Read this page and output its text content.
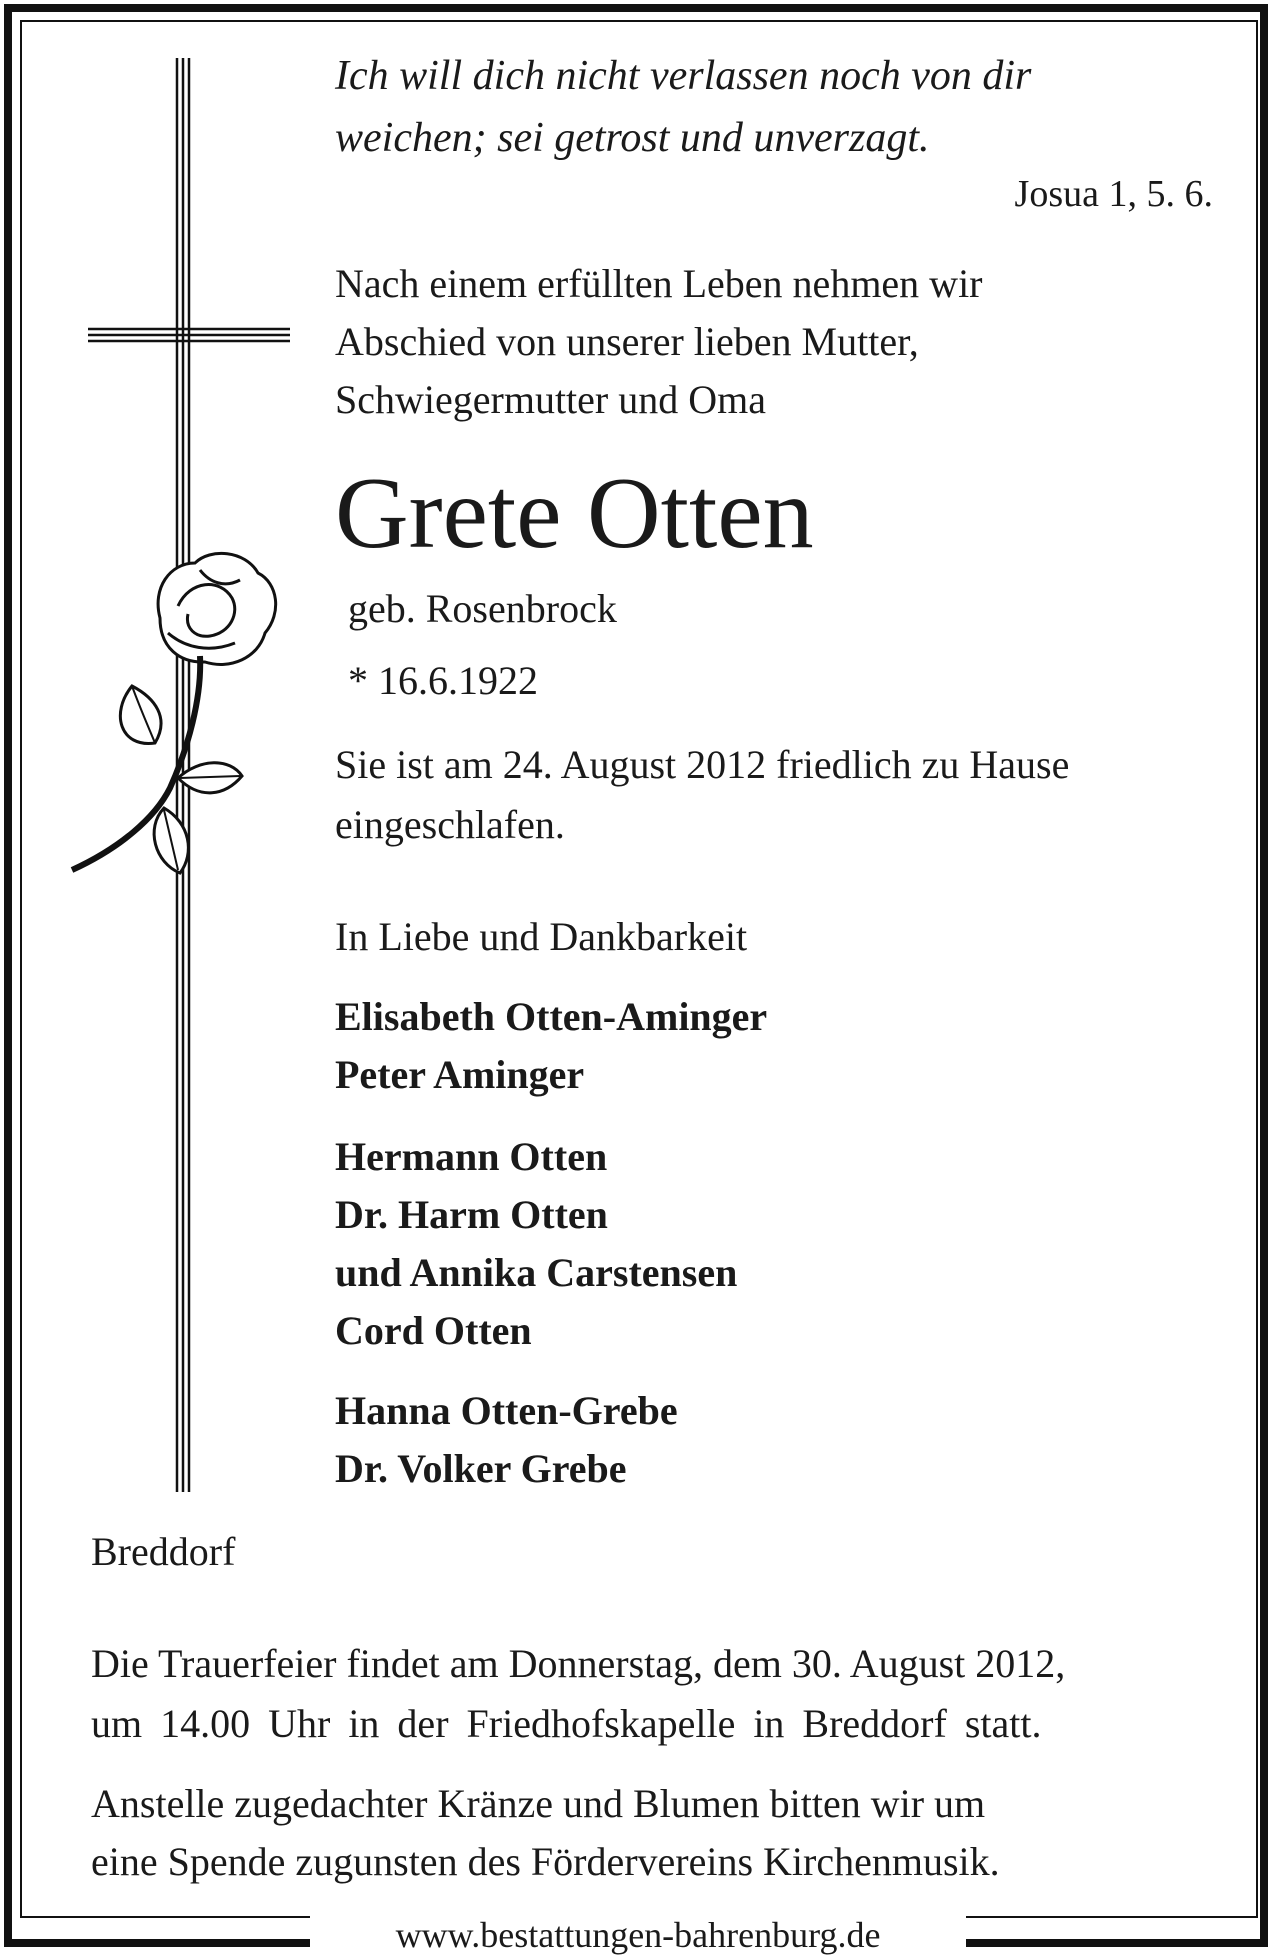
Ich will dich nicht verlassen noch von dir
weichen; sei getrost und unverzagt.
Josua 1, 5. 6.
Nach einem erfüllten Leben nehmen wir
Abschied von unserer lieben Mutter,
Schwiegermutter und Oma
Grete Otten
geb. Rosenbrock
* 16.6.1922
Sie ist am 24. August 2012 friedlich zu Hause
eingeschlafen.
In Liebe und Dankbarkeit
Elisabeth Otten-Aminger
Peter Aminger
Hermann Otten
Dr. Harm Otten
und Annika Carstensen
Cord Otten
Hanna Otten-Grebe
Dr. Volker Grebe
Breddorf
Die Trauerfeier findet am Donnerstag, dem 30. August 2012,
um 14.00 Uhr in der Friedhofskapelle in Breddorf statt.
Anstelle zugedachter Kränze und Blumen bitten wir um
eine Spende zugunsten des Fördervereins Kirchenmusik.
www.bestattungen-bahrenburg.de
